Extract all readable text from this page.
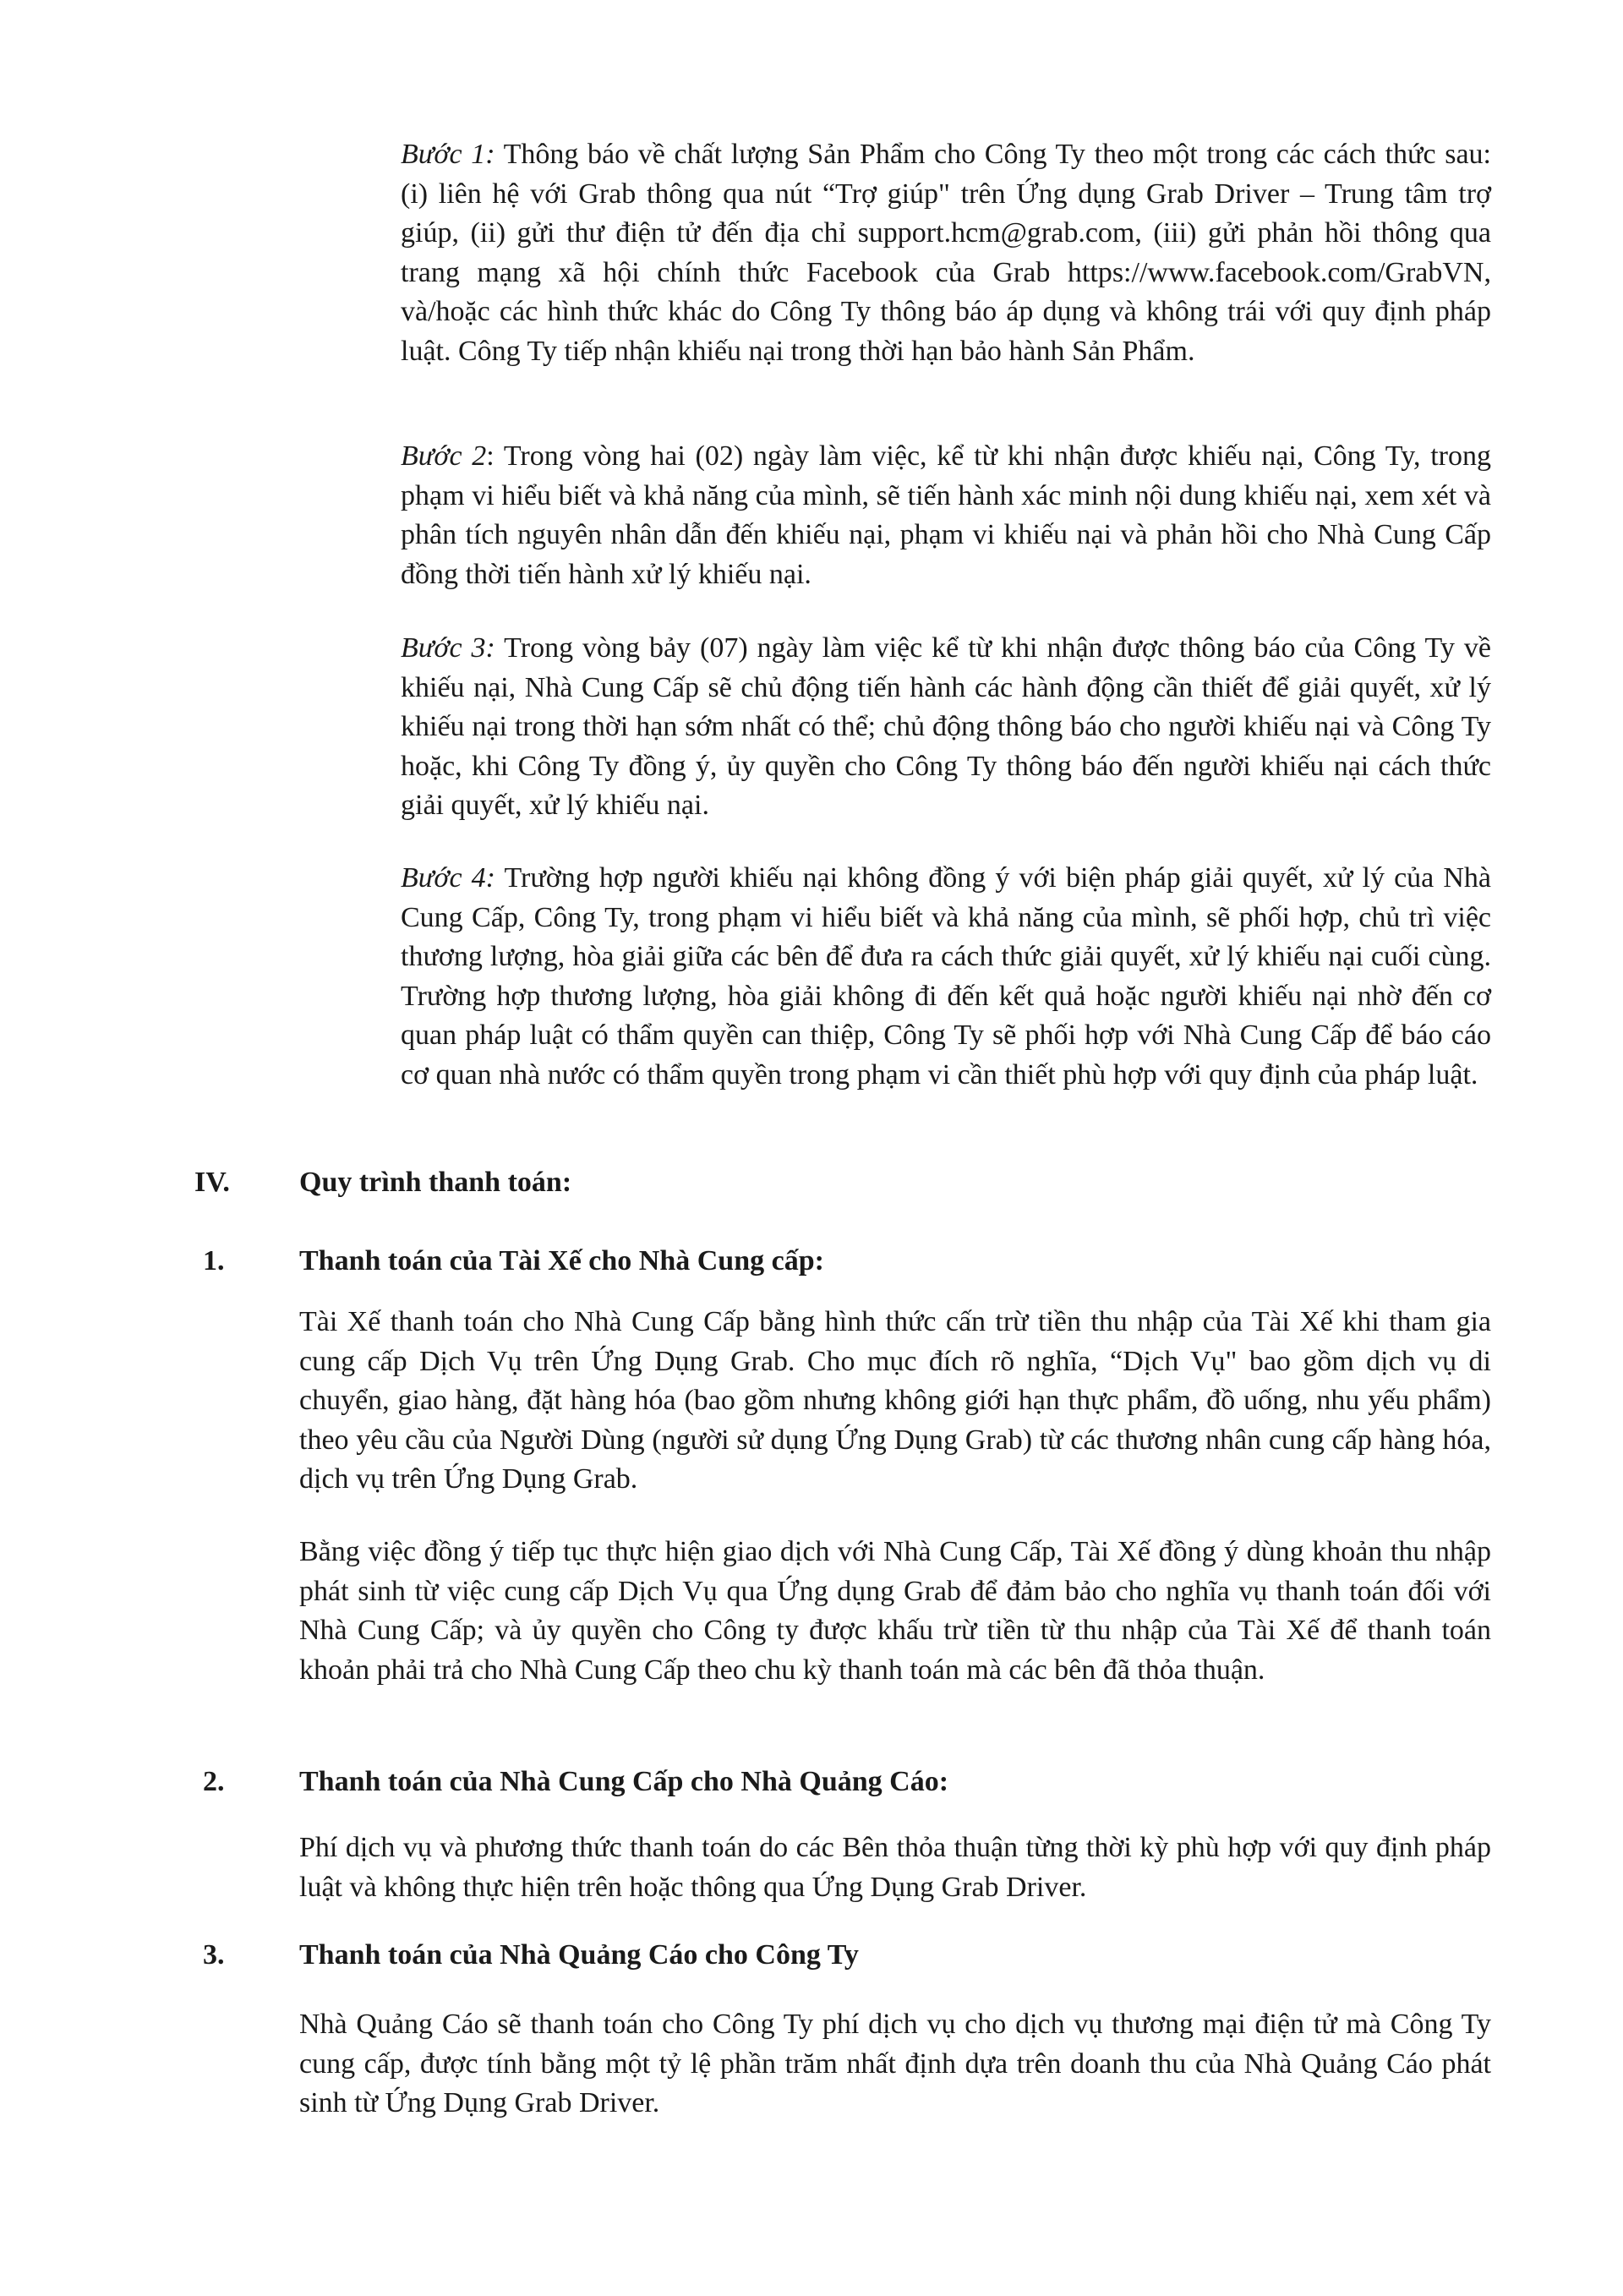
Bước 1: Thông báo về chất lượng Sản Phẩm cho Công Ty theo một trong các cách thức sau: (i) liên hệ với Grab thông qua nút “Trợ giúp" trên Ứng dụng Grab Driver – Trung tâm trợ giúp, (ii) gửi thư điện tử đến địa chỉ support.hcm@grab.com, (iii) gửi phản hồi thông qua trang mạng xã hội chính thức Facebook của Grab https://www.facebook.com/GrabVN, và/hoặc các hình thức khác do Công Ty thông báo áp dụng và không trái với quy định pháp luật. Công Ty tiếp nhận khiếu nại trong thời hạn bảo hành Sản Phẩm.

Bước 2: Trong vòng hai (02) ngày làm việc, kể từ khi nhận được khiếu nại, Công Ty, trong phạm vi hiểu biết và khả năng của mình, sẽ tiến hành xác minh nội dung khiếu nại, xem xét và phân tích nguyên nhân dẫn đến khiếu nại, phạm vi khiếu nại và phản hồi cho Nhà Cung Cấp đồng thời tiến hành xử lý khiếu nại.

Bước 3: Trong vòng bảy (07) ngày làm việc kể từ khi nhận được thông báo của Công Ty về khiếu nại, Nhà Cung Cấp sẽ chủ động tiến hành các hành động cần thiết để giải quyết, xử lý khiếu nại trong thời hạn sớm nhất có thể; chủ động thông báo cho người khiếu nại và Công Ty hoặc, khi Công Ty đồng ý, ủy quyền cho Công Ty thông báo đến người khiếu nại cách thức giải quyết, xử lý khiếu nại.

Bước 4: Trường hợp người khiếu nại không đồng ý với biện pháp giải quyết, xử lý của Nhà Cung Cấp, Công Ty, trong phạm vi hiểu biết và khả năng của mình, sẽ phối hợp, chủ trì việc thương lượng, hòa giải giữa các bên để đưa ra cách thức giải quyết, xử lý khiếu nại cuối cùng. Trường hợp thương lượng, hòa giải không đi đến kết quả hoặc người khiếu nại nhờ đến cơ quan pháp luật có thẩm quyền can thiệp, Công Ty sẽ phối hợp với Nhà Cung Cấp để báo cáo cơ quan nhà nước có thẩm quyền trong phạm vi cần thiết phù hợp với quy định của pháp luật.

IV. Quy trình thanh toán:
1.	Thanh toán của Tài Xế cho Nhà Cung cấp:

Tài Xế thanh toán cho Nhà Cung Cấp bằng hình thức cấn trừ tiền thu nhập của Tài Xế khi tham gia cung cấp Dịch Vụ trên Ứng Dụng Grab. Cho mục đích rõ nghĩa, “Dịch Vụ" bao gồm dịch vụ di chuyển, giao hàng, đặt hàng hóa (bao gồm nhưng không giới hạn thực phẩm, đồ uống, nhu yếu phẩm) theo yêu cầu của Người Dùng (người sử dụng Ứng Dụng Grab) từ các thương nhân cung cấp hàng hóa, dịch vụ trên Ứng Dụng Grab.

Bằng việc đồng ý tiếp tục thực hiện giao dịch với Nhà Cung Cấp, Tài Xế đồng ý dùng khoản thu nhập phát sinh từ việc cung cấp Dịch Vụ qua Ứng dụng Grab để đảm bảo cho nghĩa vụ thanh toán đối với Nhà Cung Cấp; và ủy quyền cho Công ty được khấu trừ tiền từ thu nhập của Tài Xế để thanh toán khoản phải trả cho Nhà Cung Cấp theo chu kỳ thanh toán mà các bên đã thỏa thuận.

2.	Thanh toán của Nhà Cung Cấp cho Nhà Quảng Cáo:

Phí dịch vụ và phương thức thanh toán do các Bên thỏa thuận từng thời kỳ phù hợp với quy định pháp luật và không thực hiện trên hoặc thông qua Ứng Dụng Grab Driver.

3.	Thanh toán của Nhà Quảng Cáo cho Công Ty

Nhà Quảng Cáo sẽ thanh toán cho Công Ty phí dịch vụ cho dịch vụ thương mại điện tử mà Công Ty cung cấp, được tính bằng một tỷ lệ phần trăm nhất định dựa trên doanh thu của Nhà Quảng Cáo phát sinh từ Ứng Dụng Grab Driver.
